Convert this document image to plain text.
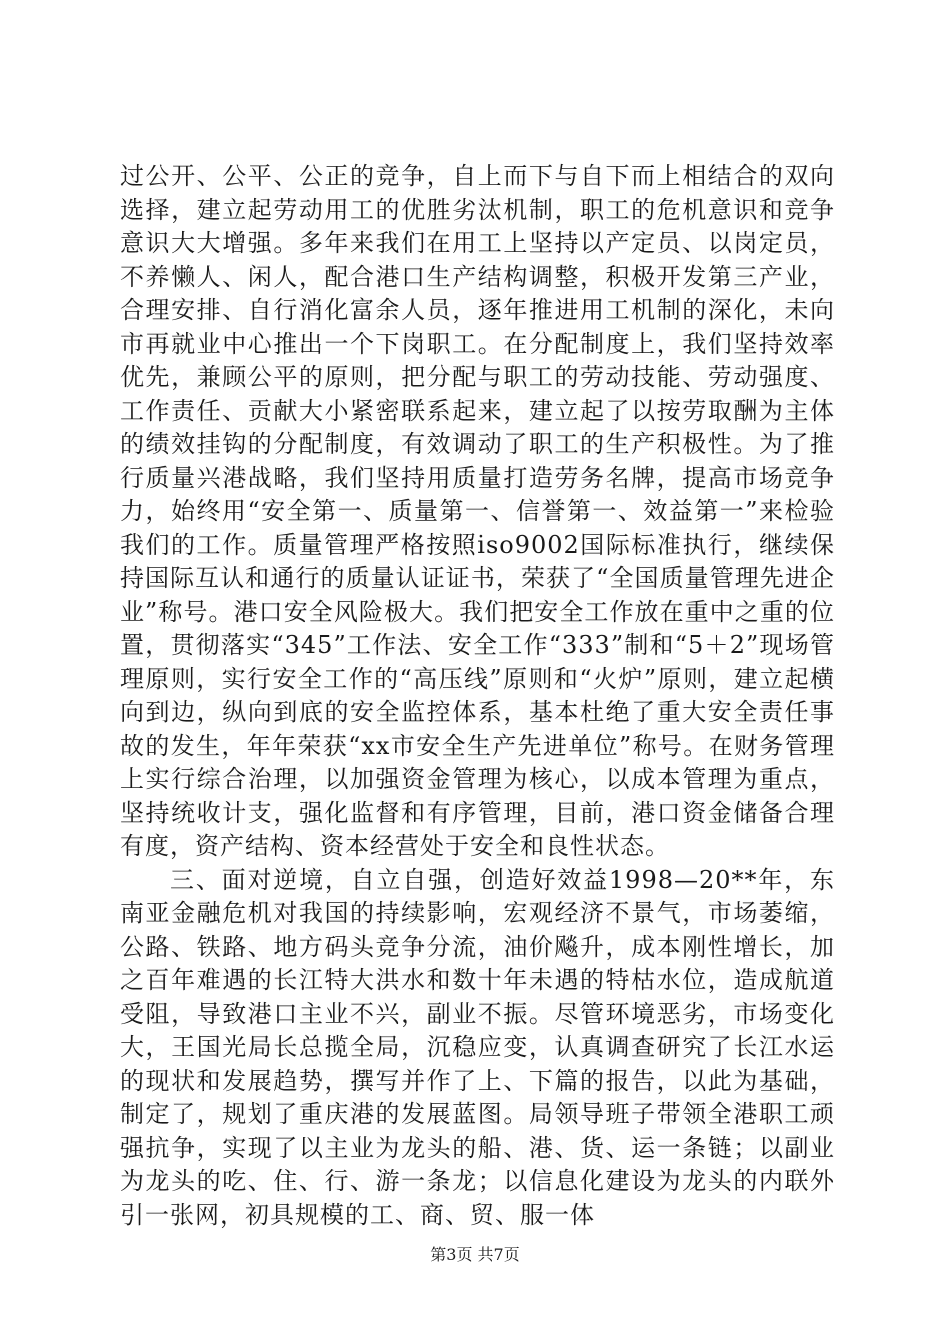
过公开、公平、公正的竞争，自上而下与自下而上相结合的双向选择，建立起劳动用工的优胜劣汰机制，职工的危机意识和竞争意识大大增强。多年来我们在用工上坚持以产定员、以岗定员，不养懒人、闲人，配合港口生产结构调整，积极开发第三产业，合理安排、自行消化富余人员，逐年推进用工机制的深化，未向市再就业中心推出一个下岗职工。在分配制度上，我们坚持效率优先，兼顾公平的原则，把分配与职工的劳动技能、劳动强度、工作责任、贡献大小紧密联系起来，建立起了以按劳取酬为主体的绩效挂钩的分配制度，有效调动了职工的生产积极性。为了推行质量兴港战略，我们坚持用质量打造劳务名牌，提高市场竞争力，始终用“安全第一、质量第一、信誉第一、效益第一”来检验我们的工作。质量管理严格按照iso9002国际标准执行，继续保持国际互认和通行的质量认证证书，荣获了“全国质量管理先进企业”称号。港口安全风险极大。我们把安全工作放在重中之重的位置，贯彻落实“345”工作法、安全工作“333”制和“5＋2”现场管理原则，实行安全工作的“高压线”原则和“火炉”原则，建立起横向到边，纵向到底的安全监控体系，基本杜绝了重大安全责任事故的发生，年年荣获“xx市安全生产先进单位”称号。在财务管理上实行综合治理，以加强资金管理为核心，以成本管理为重点，坚持统收计支，强化监督和有序管理，目前，港口资金储备合理有度，资产结构、资本经营处于安全和良性状态。

三、面对逆境，自立自强，创造好效益1998—20**年，东南亚金融危机对我国的持续影响，宏观经济不景气，市场萎缩，公路、铁路、地方码头竞争分流，油价飚升，成本刚性增长，加之百年难遇的长江特大洪水和数十年未遇的特枯水位，造成航道受阻，导致港口主业不兴，副业不振。尽管环境恶劣，市场变化大，王国光局长总揽全局，沉稳应变，认真调查研究了长江水运的现状和发展趋势，撰写并作了上、下篇的报告，以此为基础，制定了，规划了重庆港的发展蓝图。局领导班子带领全港职工顽强抗争，实现了以主业为龙头的船、港、货、运一条链；以副业为龙头的吃、住、行、游一条龙；以信息化建设为龙头的内联外引一张网，初具规模的工、商、贸、服一体

第3页 共7页
